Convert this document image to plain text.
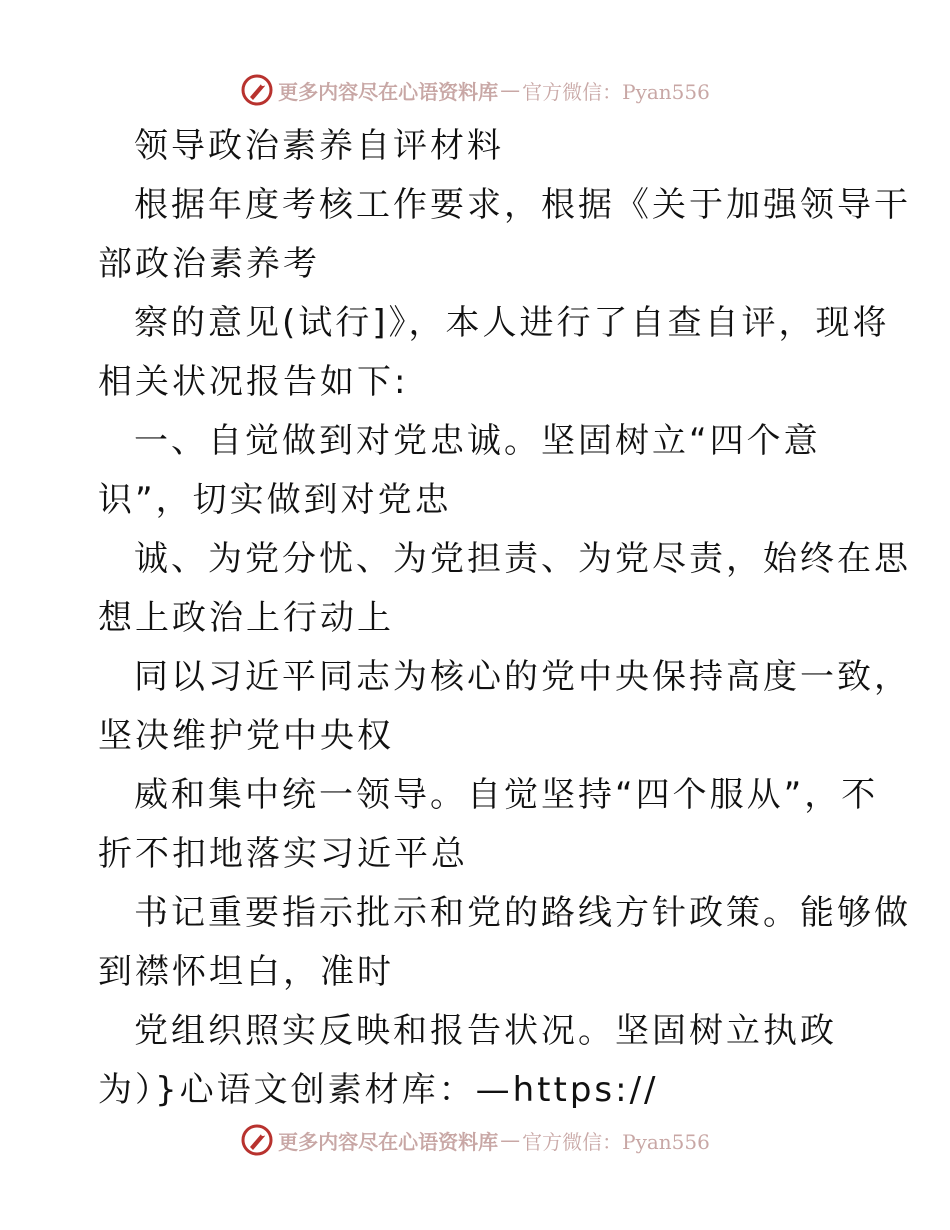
更多内容尽在心语资料库 — 官方微信：Pyan556
领导政治素养自评材料
根据年度考核工作要求，根据《关于加强领导干
部政治素养考
察的意见(试行]》，本人进行了自查自评，现将
相关状况报告如下:
一、自觉做到对党忠诚。坚固树立“四个意
识”，切实做到对党忠
诚、为党分忧、为党担责、为党尽责，始终在思
想上政治上行动上
同以习近平同志为核心的党中央保持高度一致，
坚决维护党中央权
威和集中统一领导。自觉坚持“四个服从”，不
折不扣地落实习近平总
书记重要指示批示和党的路线方针政策。能够做
到襟怀坦白，准时
党组织照实反映和报告状况。坚固树立执政
为）}心语文创素材库：—https://
更多内容尽在心语资料库 — 官方微信：Pyan556
